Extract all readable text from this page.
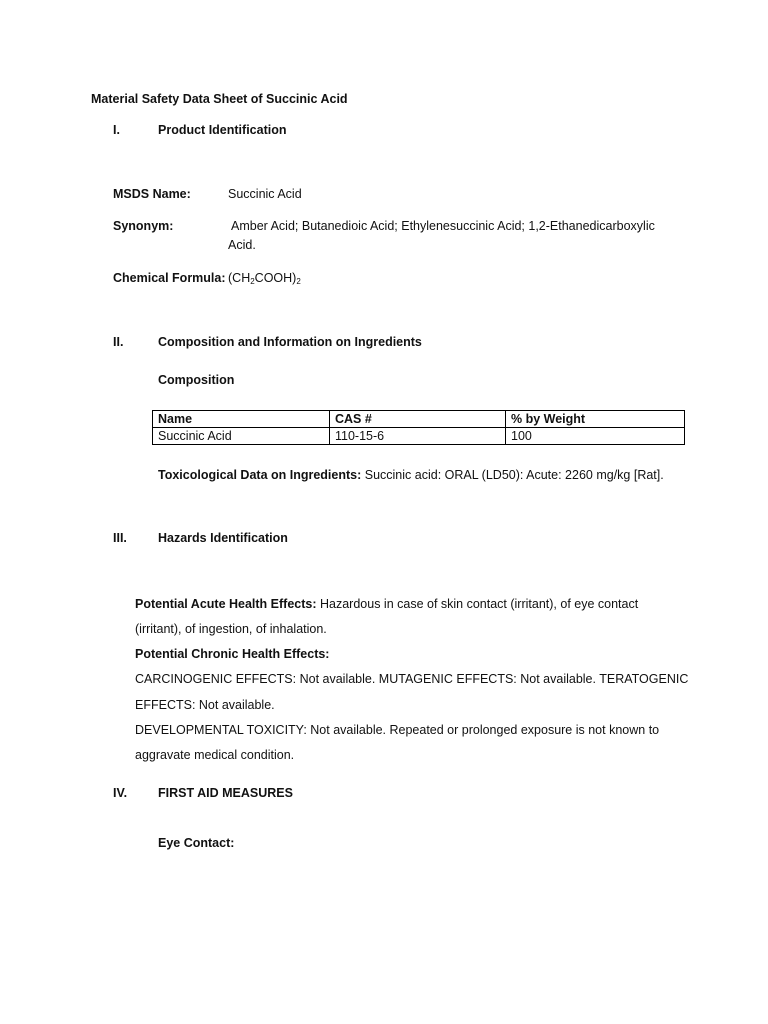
Material Safety Data Sheet of Succinic Acid
I.	Product Identification
MSDS Name:	Succinic Acid
Synonym:	Amber Acid; Butanedioic Acid; Ethylenesuccinic Acid; 1,2-Ethanedicarboxylic
Acid.
Chemical Formula: $(CH_2COOH)_2$
II.	Composition and Information on Ingredients
Composition
Name	CAS #	% by Weight
Succinic Acid	110-15-6	100
Toxicological Data on Ingredients: Succinic acid: ORAL (LD50): Acute: 2260 mg/kg [Rat].
III. Hazards Identification
Potential Acute Health Effects: Hazardous in case of skin contact (irritant), of eye contact
(irritant), of ingestion, of inhalation.
Potential Chronic Health Effects:
CARCINOGENIC EFFECTS: Not available. MUTAGENIC EFFECTS: Not available. TERATOGENIC
EFFECTS: Not available.
DEVELOPMENTAL TOXICITY: Not available. Repeated or prolonged exposure is not known to
aggravate medical condition.
IV. FIRST AID MEASURES
Eye Contact:
